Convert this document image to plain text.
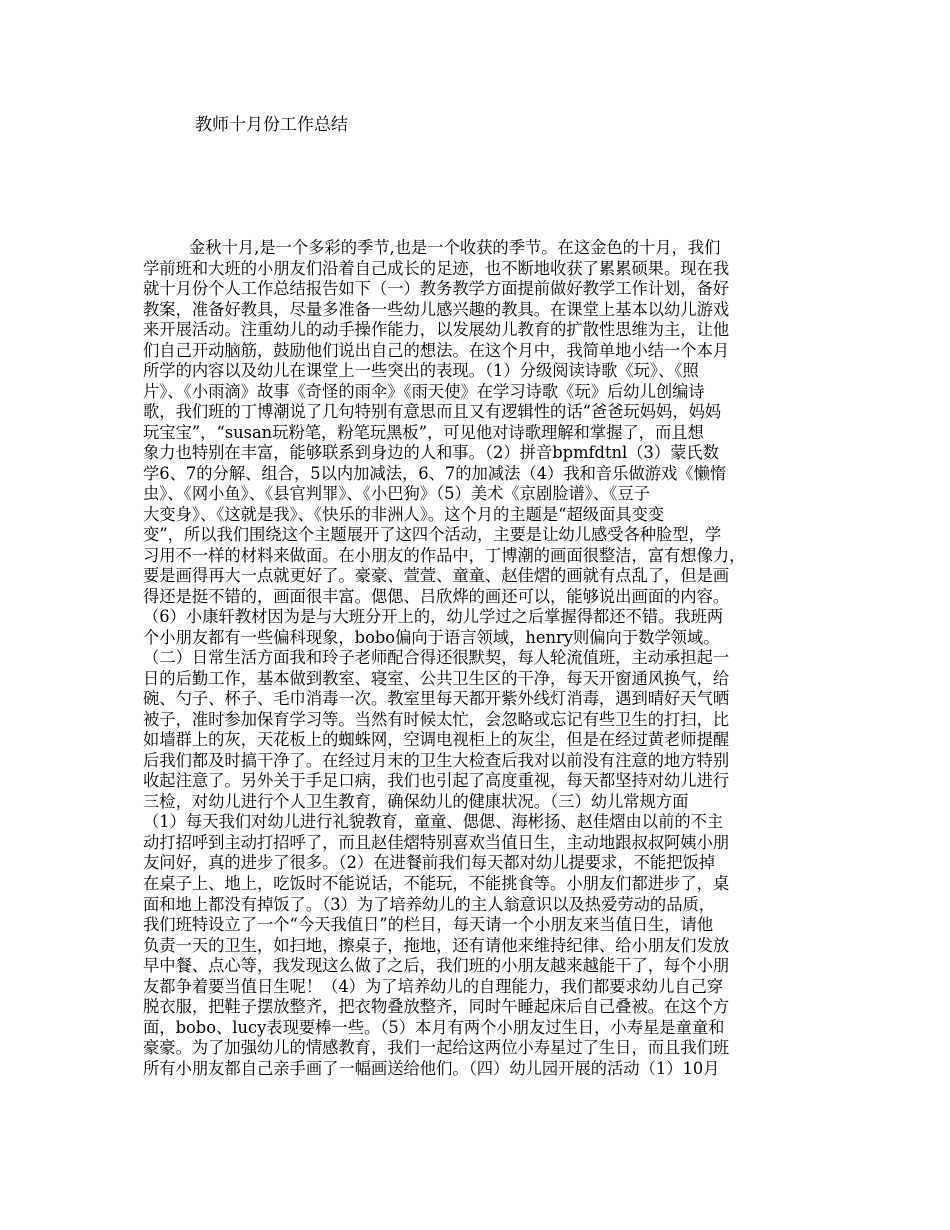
教师十月份工作总结
金秋十月,是一个多彩的季节,也是一个收获的季节。在这金色的十月，我们
学前班和大班的小朋友们沿着自己成长的足迹，也不断地收获了累累硕果。现在我
就十月份个人工作总结报告如下（一）教务教学方面提前做好教学工作计划，备好
教案，准备好教具，尽量多准备一些幼儿感兴趣的教具。在课堂上基本以幼儿游戏
来开展活动。注重幼儿的动手操作能力，以发展幼儿教育的扩散性思维为主，让他
们自己开动脑筋，鼓励他们说出自己的想法。在这个月中，我简单地小结一个本月
所学的内容以及幼儿在课堂上一些突出的表现。（1）分级阅读诗歌《玩》、《照
片》、《小雨滴》故事《奇怪的雨伞》《雨天使》在学习诗歌《玩》后幼儿创编诗
歌，我们班的丁博潮说了几句特别有意思而且又有逻辑性的话“爸爸玩妈妈，妈妈
玩宝宝”，“susan玩粉笔，粉笔玩黑板”，可见他对诗歌理解和掌握了，而且想
象力也特别在丰富，能够联系到身边的人和事。（2）拼音bpmfdtnl（3）蒙氏数
学6、7的分解、组合，5以内加减法，6、7的加减法（4）我和音乐做游戏《懒惰
虫》、《网小鱼》、《县官判罪》、《小巴狗》（5）美术《京剧脸谱》、《豆子
大变身》、《这就是我》、《快乐的非洲人》。这个月的主题是“超级面具变变
变”，所以我们围绕这个主题展开了这四个活动，主要是让幼儿感受各种脸型，学
习用不一样的材料来做面。在小朋友的作品中，丁博潮的画面很整洁，富有想像力，
要是画得再大一点就更好了。豪豪、萱萱、童童、赵佳熠的画就有点乱了，但是画
得还是挺不错的，画面很丰富。偲偲、吕欣烨的画还可以，能够说出画面的内容。
（6）小康轩教材因为是与大班分开上的，幼儿学过之后掌握得都还不错。我班两
个小朋友都有一些偏科现象，bobo偏向于语言领域，henry则偏向于数学领域。
（二）日常生活方面我和玲子老师配合得还很默契，每人轮流值班，主动承担起一
日的后勤工作，基本做到教室、寝室、公共卫生区的干净，每天开窗通风换气，给
碗、勺子、杯子、毛巾消毒一次。教室里每天都开紫外线灯消毒，遇到晴好天气晒
被子，准时参加保育学习等。当然有时候太忙，会忽略或忘记有些卫生的打扫，比
如墙群上的灰，天花板上的蜘蛛网，空调电视柜上的灰尘，但是在经过黄老师提醒
后我们都及时搞干净了。在经过月末的卫生大检查后我对以前没有注意的地方特别
收起注意了。另外关于手足口病，我们也引起了高度重视，每天都坚持对幼儿进行
三检，对幼儿进行个人卫生教育，确保幼儿的健康状况。（三）幼儿常规方面
（1）每天我们对幼儿进行礼貌教育，童童、偲偲、海彬扬、赵佳熠由以前的不主
动打招呼到主动打招呼了，而且赵佳熠特别喜欢当值日生，主动地跟叔叔阿姨小朋
友问好，真的进步了很多。（2）在进餐前我们每天都对幼儿提要求，不能把饭掉
在桌子上、地上，吃饭时不能说话，不能玩，不能挑食等。小朋友们都进步了，桌
面和地上都没有掉饭了。（3）为了培养幼儿的主人翁意识以及热爱劳动的品质，
我们班特设立了一个“今天我值日”的栏目，每天请一个小朋友来当值日生，请他
负责一天的卫生，如扫地，擦桌子，拖地，还有请他来维持纪律、给小朋友们发放
早中餐、点心等，我发现这么做了之后，我们班的小朋友越来越能干了，每个小朋
友都争着要当值日生呢！（4）为了培养幼儿的自理能力，我们都要求幼儿自己穿
脱衣服，把鞋子摆放整齐，把衣物叠放整齐，同时午睡起床后自己叠被。在这个方
面，bobo、lucy表现要棒一些。（5）本月有两个小朋友过生日，小寿星是童童和
豪豪。为了加强幼儿的情感教育，我们一起给这两位小寿星过了生日，而且我们班
所有小朋友都自己亲手画了一幅画送给他们。（四）幼儿园开展的活动（1）10月
